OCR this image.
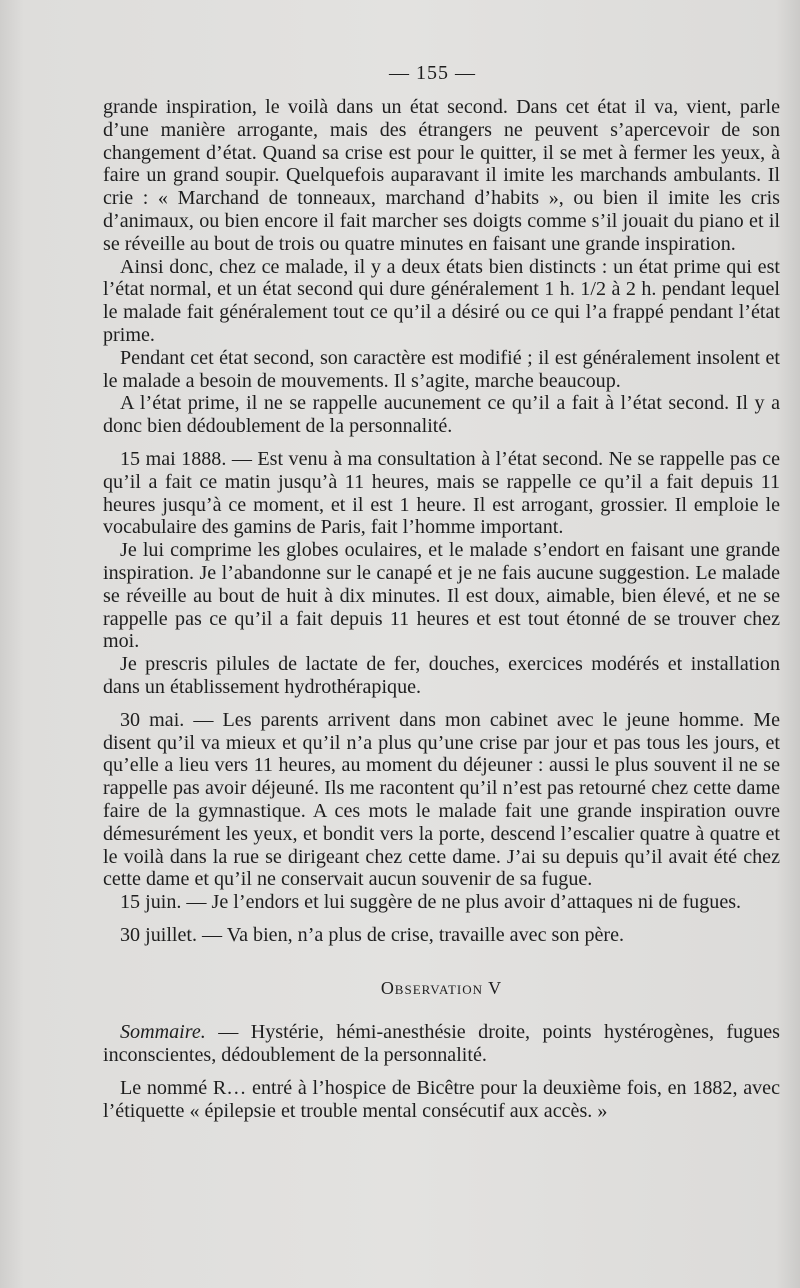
— 155 —

grande inspiration, le voilà dans un état second. Dans cet état il va, vient, parle d’une manière arrogante, mais des étrangers ne peuvent s’apercevoir de son changement d’état. Quand sa crise est pour le quitter, il se met à fermer les yeux, à faire un grand soupir. Quelquefois auparavant il imite les marchands ambulants. Il crie : « Marchand de tonneaux, marchand d’habits », ou bien il imite les cris d’animaux, ou bien encore il fait marcher ses doigts comme s’il jouait du piano et il se réveille au bout de trois ou quatre minutes en faisant une grande inspiration.

Ainsi donc, chez ce malade, il y a deux états bien distincts : un état prime qui est l’état normal, et un état second qui dure généralement 1 h. 1/2 à 2 h. pendant lequel le malade fait généralement tout ce qu’il a désiré ou ce qui l’a frappé pendant l’état prime.

Pendant cet état second, son caractère est modifié ; il est généralement insolent et le malade a besoin de mouvements. Il s’agite, marche beaucoup.

A l’état prime, il ne se rappelle aucunement ce qu’il a fait à l’état second. Il y a donc bien dédoublement de la personnalité.

15 mai 1888. — Est venu à ma consultation à l’état second. Ne se rappelle pas ce qu’il a fait ce matin jusqu’à 11 heures, mais se rappelle ce qu’il a fait depuis 11 heures jusqu’à ce moment, et il est 1 heure. Il est arrogant, grossier. Il emploie le vocabulaire des gamins de Paris, fait l’homme important.

Je lui comprime les globes oculaires, et le malade s’endort en faisant une grande inspiration. Je l’abandonne sur le canapé et je ne fais aucune suggestion. Le malade se réveille au bout de huit à dix minutes. Il est doux, aimable, bien élevé, et ne se rappelle pas ce qu’il a fait depuis 11 heures et est tout étonné de se trouver chez moi.

Je prescris pilules de lactate de fer, douches, exercices modérés et installation dans un établissement hydrothérapique.

30 mai. — Les parents arrivent dans mon cabinet avec le jeune homme. Me disent qu’il va mieux et qu’il n’a plus qu’une crise par jour et pas tous les jours, et qu’elle a lieu vers 11 heures, au moment du déjeuner : aussi le plus souvent il ne se rappelle pas avoir déjeuné. Ils me racontent qu’il n’est pas retourné chez cette dame faire de la gymnastique. A ces mots le malade fait une grande inspiration ouvre démesurément les yeux, et bondit vers la porte, descend l’escalier quatre à quatre et le voilà dans la rue se dirigeant chez cette dame. J’ai su depuis qu’il avait été chez cette dame et qu’il ne conservait aucun souvenir de sa fugue.

15 juin. — Je l’endors et lui suggère de ne plus avoir d’attaques ni de fugues.

30 juillet. — Va bien, n’a plus de crise, travaille avec son père.

Observation V

Sommaire. — Hystérie, hémi-anesthésie droite, points hystérogènes, fugues inconscientes, dédoublement de la personnalité.

Le nommé R… entré à l’hospice de Bicêtre pour la deuxième fois, en 1882, avec l’étiquette « épilepsie et trouble mental consécutif aux accès. »
